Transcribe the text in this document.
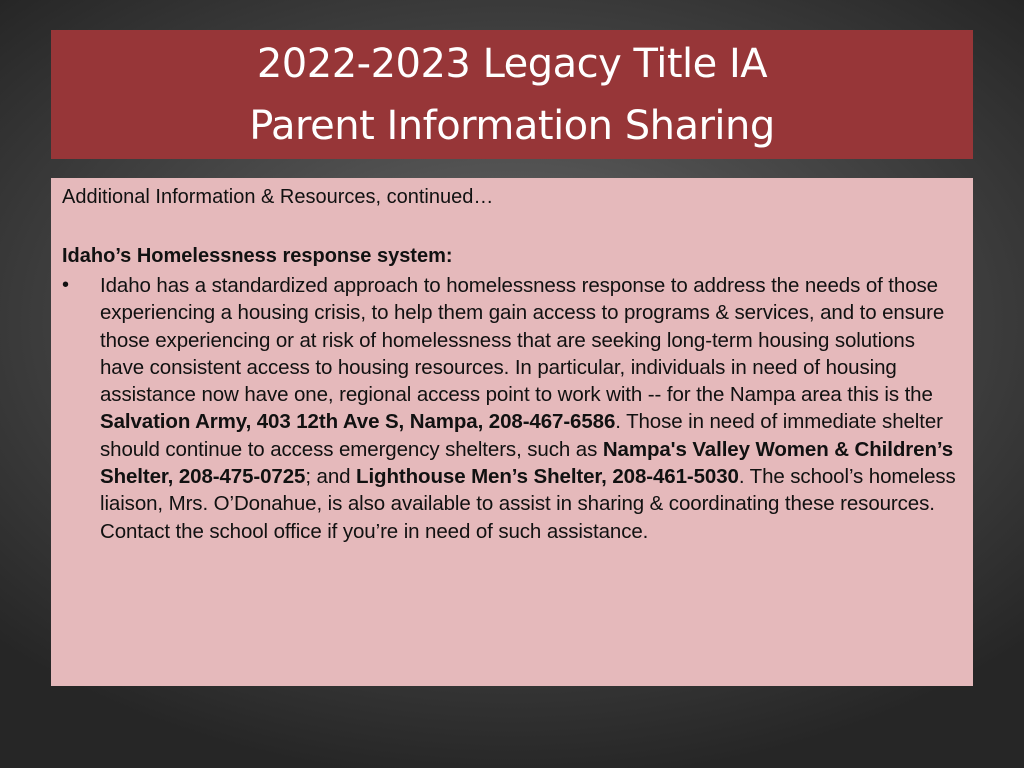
2022-2023 Legacy Title IA
Parent Information Sharing
Additional Information & Resources, continued…
Idaho’s Homelessness response system:
•	Idaho has a standardized approach to homelessness response to address the needs of those experiencing a housing crisis, to help them gain access to programs & services, and to ensure those experiencing or at risk of homelessness that are seeking long-term housing solutions have consistent access to housing resources. In particular, individuals in need of housing assistance now have one, regional access point to work with -- for the Nampa area this is the Salvation Army, 403 12th Ave S, Nampa, 208-467-6586. Those in need of immediate shelter should continue to access emergency shelters, such as Nampa's Valley Women & Children’s Shelter, 208-475-0725; and Lighthouse Men’s Shelter, 208-461-5030. The school’s homeless liaison, Mrs. O’Donahue, is also available to assist in sharing & coordinating these resources. Contact the school office if you’re in need of such assistance.
